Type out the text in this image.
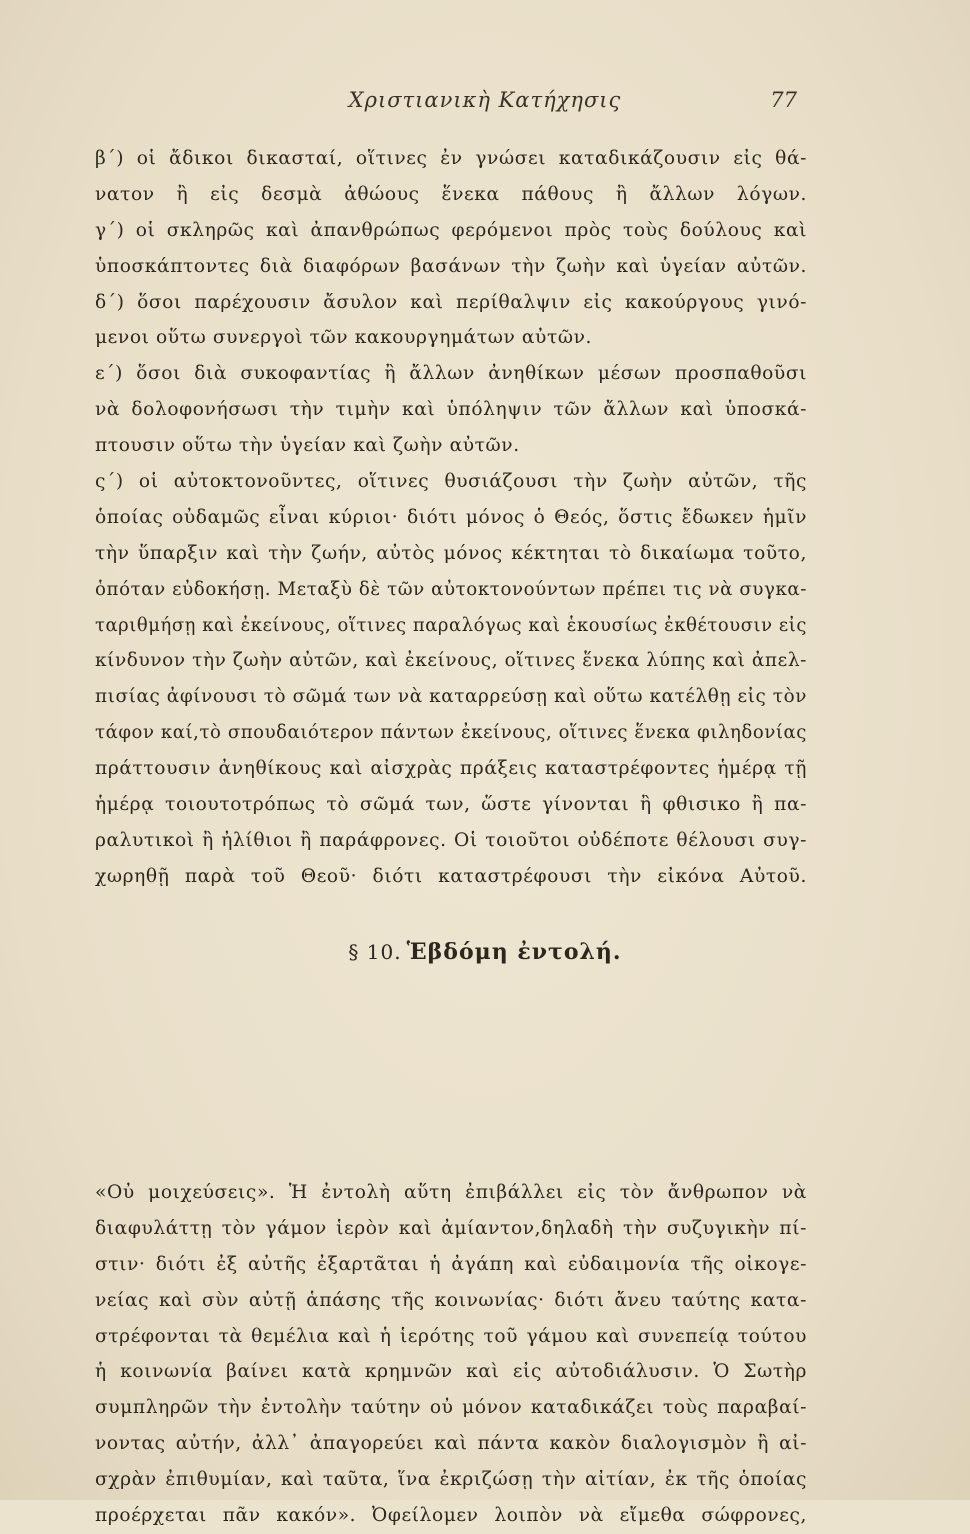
Χριστιανικὴ Κατήχησις	77
β΄) οἱ ἄδικοι δικασταί, οἵτινες ἐν γνώσει καταδικάζουσιν εἰς θά-
νατον ἢ εἰς δεσμὰ ἀθώους ἕνεκα πάθους ἢ ἄλλων λόγων.
γ΄) οἱ σκληρῶς καὶ ἀπανθρώπως φερόμενοι πρὸς τοὺς δούλους καὶ
ὑποσκάπτοντες διὰ διαφόρων βασάνων τὴν ζωὴν καὶ ὑγείαν αὐτῶν.
δ΄) ὅσοι παρέχουσιν ἄσυλον καὶ περίθαλψιν εἰς κακούργους γινό-
μενοι οὕτω συνεργοὶ τῶν κακουργημάτων αὐτῶν.
ε΄) ὅσοι διὰ συκοφαντίας ἢ ἄλλων ἀνηθίκων μέσων προσπαθοῦσι
νὰ δολοφονήσωσι τὴν τιμὴν καὶ ὑπόληψιν τῶν ἄλλων καὶ ὑποσκά-
πτουσιν οὕτω τὴν ὑγείαν καὶ ζωὴν αὐτῶν.
ς΄) οἱ αὐτοκτονοῦντες, οἵτινες θυσιάζουσι τὴν ζωὴν αὐτῶν, τῆς
ὁποίας οὐδαμῶς εἶναι κύριοι· διότι μόνος ὁ Θεός, ὅστις ἔδωκεν ἡμῖν
τὴν ὕπαρξιν καὶ τὴν ζωήν, αὐτὸς μόνος κέκτηται τὸ δικαίωμα τοῦτο,
ὁπόταν εὐδοκήσῃ. Μεταξὺ δὲ τῶν αὐτοκτονούντων πρέπει τις νὰ συγκα-
ταριθμήσῃ καὶ ἐκείνους, οἵτινες παραλόγως καὶ ἑκουσίως ἐκθέτουσιν εἰς
κίνδυνον τὴν ζωὴν αὐτῶν, καὶ ἐκείνους, οἵτινες ἕνεκα λύπης καὶ ἀπελ-
πισίας ἀφίνουσι τὸ σῶμά των νὰ καταρρεύσῃ καὶ οὕτω κατέλθῃ εἰς τὸν
τάφον καί,τὸ σπουδαιότερον πάντων ἐκείνους, οἵτινες ἕνεκα φιληδονίας
πράττουσιν ἀνηθίκους καὶ αἰσχρὰς πράξεις καταστρέφοντες ἡμέρᾳ τῇ
ἡμέρᾳ τοιουτοτρόπως τὸ σῶμά των, ὥστε γίνονται ἢ φθισικο ἢ πα-
ραλυτικοὶ ἢ ἠλίθιοι ἢ παράφρονες. Οἱ τοιοῦτοι οὐδέποτε θέλουσι συγ-
χωρηθῇ παρὰ τοῦ Θεοῦ· διότι καταστρέφουσι τὴν εἰκόνα Αὐτοῦ.
§ 10. Ἑβδόμη ἐντολή.
«Οὐ μοιχεύσεις». Ἡ ἐντολὴ αὕτη ἐπιβάλλει εἰς τὸν ἄνθρωπον νὰ
διαφυλάττῃ τὸν γάμον ἱερὸν καὶ ἀμίαντον,δηλαδὴ τὴν συζυγικὴν πί-
στιν· διότι ἐξ αὐτῆς ἐξαρτᾶται ἡ ἀγάπη καὶ εὐδαιμονία τῆς οἰκογε-
νείας καὶ σὺν αὐτῇ ἁπάσης τῆς κοινωνίας· διότι ἄνευ ταύτης κατα-
στρέφονται τὰ θεμέλια καὶ ἡ ἱερότης τοῦ γάμου καὶ συνεπείᾳ τούτου
ἡ κοινωνία βαίνει κατὰ κρημνῶν καὶ εἰς αὐτοδιάλυσιν. Ὁ Σωτὴρ
συμπληρῶν τὴν ἐντολὴν ταύτην οὐ μόνον καταδικάζει τοὺς παραβαί-
νοντας αὐτήν, ἀλλ᾿ ἀπαγορεύει καὶ πάντα κακὸν διαλογισμὸν ἢ αἰ-
σχρὰν ἐπιθυμίαν, καὶ ταῦτα, ἵνα ἐκριζώσῃ τὴν αἰτίαν, ἐκ τῆς ὁποίας
προέρχεται πᾶν κακόν». Ὀφείλομεν λοιπὸν νὰ εἴμεθα σώφρονες,
